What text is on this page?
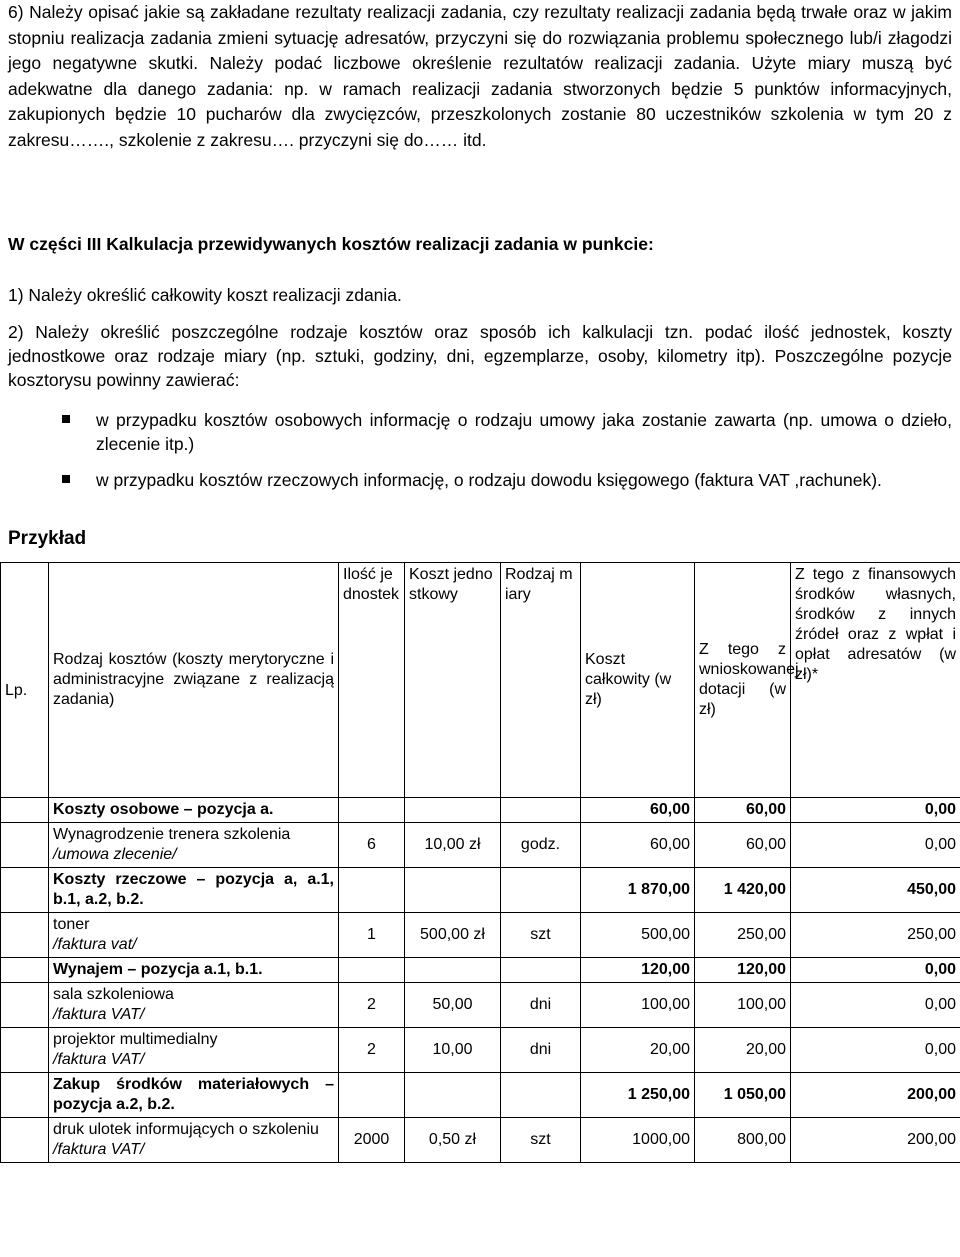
6) Należy opisać jakie są zakładane rezultaty realizacji zadania, czy rezultaty realizacji zadania będą trwałe oraz w jakim stopniu realizacja zadania zmieni sytuację adresatów, przyczyni się do rozwiązania problemu społecznego lub/i złagodzi jego negatywne skutki. Należy podać liczbowe określenie rezultatów realizacji zadania. Użyte miary muszą być adekwatne dla danego zadania: np. w ramach realizacji zadania stworzonych będzie 5 punktów informacyjnych, zakupionych będzie 10 pucharów dla zwycięzców, przeszkolonych zostanie 80 uczestników szkolenia w tym 20 z zakresu……., szkolenie z zakresu…. przyczyni się do…… itd.
W części III Kalkulacja przewidywanych kosztów realizacji zadania w punkcie:
1) Należy określić całkowity koszt realizacji zdania.
2) Należy określić poszczególne rodzaje kosztów oraz sposób ich kalkulacji tzn. podać ilość jednostek, koszty jednostkowe oraz rodzaje miary (np. sztuki, godziny, dni, egzemplarze, osoby, kilometry itp). Poszczególne pozycje kosztorysu powinny zawierać:
w przypadku kosztów osobowych informację o rodzaju umowy jaka zostanie zawarta (np. umowa o dzieło, zlecenie itp.)
w przypadku kosztów rzeczowych informację, o rodzaju dowodu księgowego (faktura VAT ,rachunek).
Przykład
Lp.	Rodzaj kosztów (koszty merytoryczne i administracyjne związane z realizacją zadania)	Ilość jednostek	Koszt jednostkowy	Rodzaj miary	Koszt całkowity (w zł)	Z tego z wnioskowanej dotacji (w zł)	Z tego z finansowych środków własnych, środków z innych źródeł oraz z wpłat i opłat adresatów (w zł)*
	Koszty osobowe – pozycja a.				60,00	60,00	0,00
	Wynagrodzenie trenera szkolenia
/umowa zlecenie/	6	10,00 zł	godz.	60,00	60,00	0,00
	Koszty rzeczowe – pozycja a, a.1, b.1, a.2, b.2.				1 870,00	1 420,00	450,00
	toner
/faktura vat/	1	500,00 zł	szt	500,00	250,00	250,00
	Wynajem – pozycja a.1, b.1.				120,00	120,00	0,00
	sala szkoleniowa
/faktura VAT/	2	50,00	dni	100,00	100,00	0,00
	projektor multimedialny
/faktura VAT/	2	10,00	dni	20,00	20,00	0,00
	Zakup środków materiałowych – pozycja a.2, b.2.				1 250,00	1 050,00	200,00
	druk ulotek informujących o szkoleniu
/faktura VAT/	2000	0,50 zł	szt	1000,00	800,00	200,00
